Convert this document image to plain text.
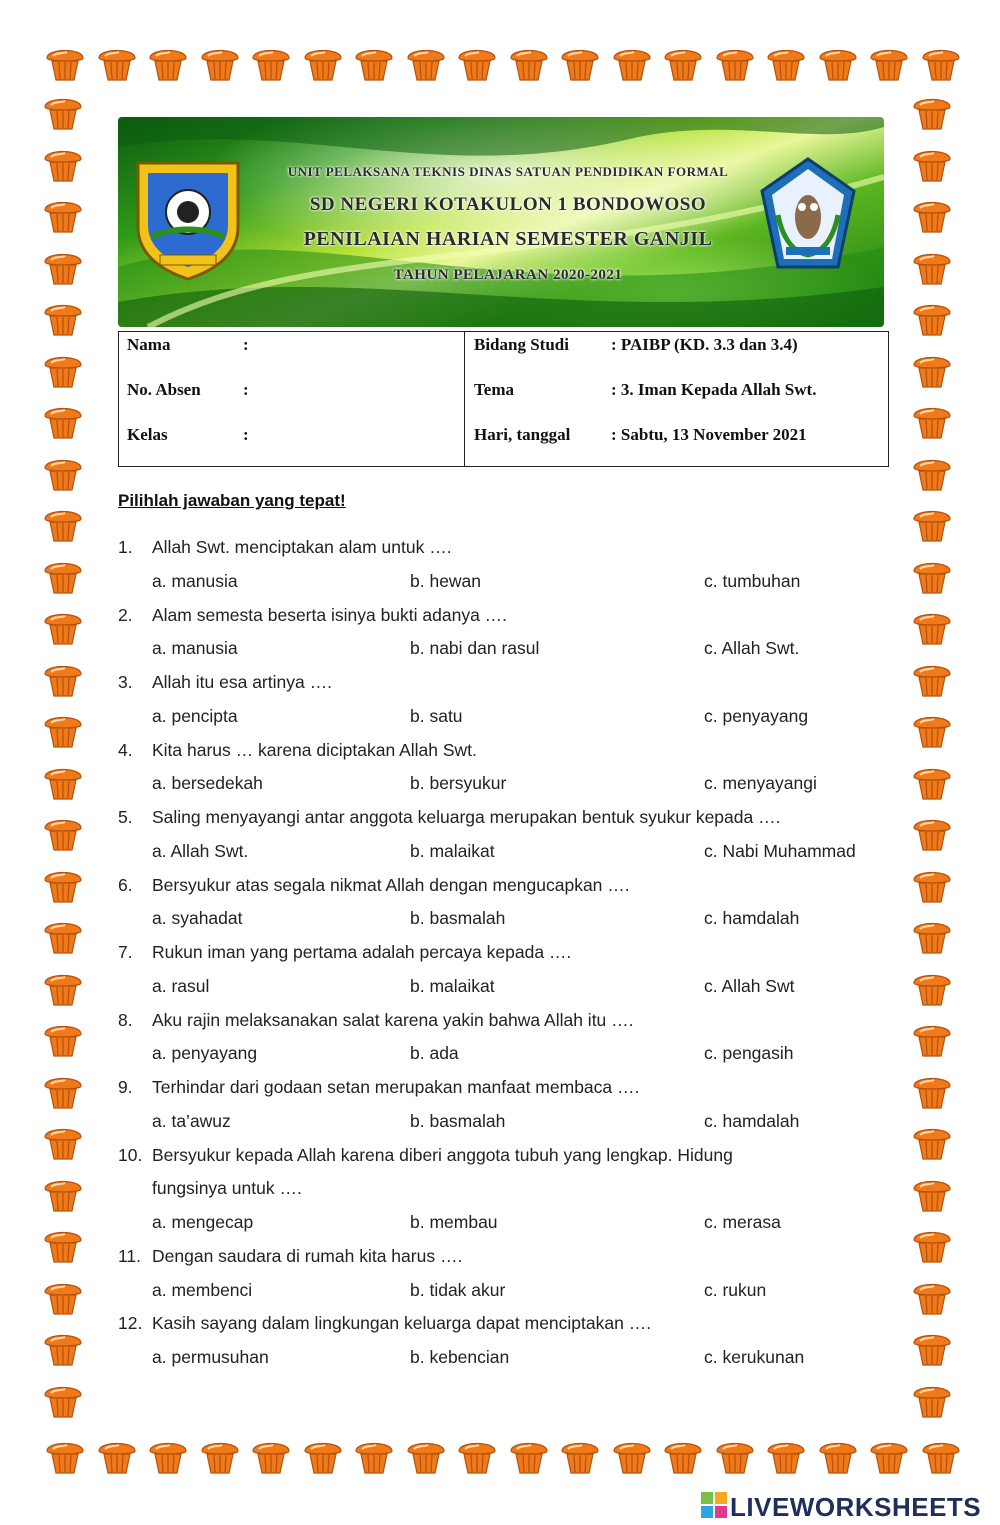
UNIT PELAKSANA TEKNIS DINAS SATUAN PENDIDIKAN FORMAL
SD NEGERI KOTAKULON 1 BONDOWOSO
PENILAIAN HARIAN SEMESTER GANJIL
TAHUN PELAJARAN 2020-2021
Nama	:
No. Absen :
Kelas	:
Bidang Studi : PAIBP (KD. 3.3 dan 3.4)
Tema	: 3. Iman Kepada Allah Swt.
Hari, tanggal : Sabtu, 13 November 2021
Pilihlah jawaban yang tepat!
1. Allah Swt. menciptakan alam untuk ….
a. manusia	b. hewan	c. tumbuhan
2. Alam semesta beserta isinya bukti adanya ….
a. manusia	b. nabi dan rasul	c. Allah Swt.
3. Allah itu esa artinya ….
a. pencipta	b. satu	c. penyayang
4. Kita harus … karena diciptakan Allah Swt.
a. bersedekah	b. bersyukur	c. menyayangi
5. Saling menyayangi antar anggota keluarga merupakan bentuk syukur kepada ….
a. Allah Swt.	b. malaikat	c. Nabi Muhammad
6. Bersyukur atas segala nikmat Allah dengan mengucapkan ….
a. syahadat	b. basmalah	c. hamdalah
7. Rukun iman yang pertama adalah percaya kepada ….
a. rasul	b. malaikat	c. Allah Swt
8. Aku rajin melaksanakan salat karena yakin bahwa Allah itu ….
a. penyayang	b. ada	c. pengasih
9. Terhindar dari godaan setan merupakan manfaat membaca ….
a. ta’awuz	b. basmalah	c. hamdalah
10. Bersyukur kepada Allah karena diberi anggota tubuh yang lengkap. Hidung
fungsinya untuk ….
a. mengecap	b. membau	c. merasa
11. Dengan saudara di rumah kita harus ….
a. membenci	b. tidak akur	c. rukun
12. Kasih sayang dalam lingkungan keluarga dapat menciptakan ….
a. permusuhan	b. kebencian	c. kerukunan
LIVEWORKSHEETS
